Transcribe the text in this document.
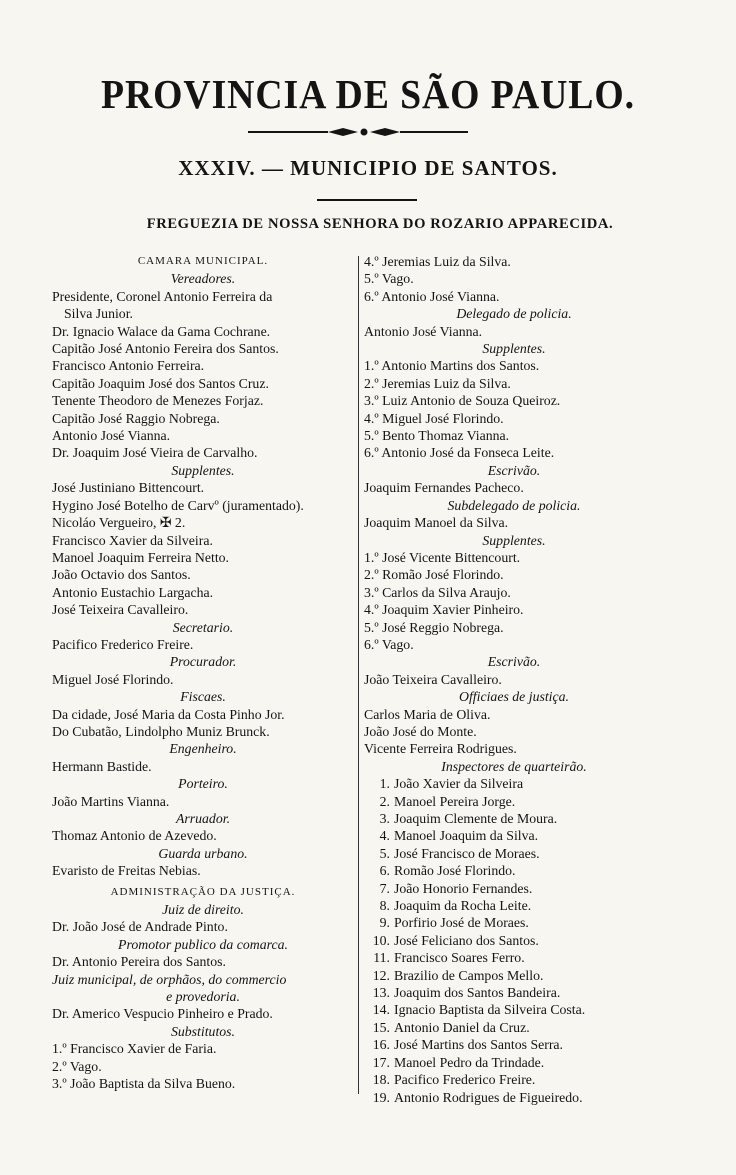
PROVINCIA DE SÃO PAULO.
XXXIV. — MUNICIPIO DE SANTOS.
FREGUEZIA DE NOSSA SENHORA DO ROZARIO APPARECIDA.
CAMARA MUNICIPAL.
Vereadores.
Presidente, Coronel Antonio Ferreira da
Silva Junior.
Dr. Ignacio Walace da Gama Cochrane.
Capitão José Antonio Fereira dos Santos.
Francisco Antonio Ferreira.
Capitão Joaquim José dos Santos Cruz.
Tenente Theodoro de Menezes Forjaz.
Capitão José Raggio Nobrega.
Antonio José Vianna.
Dr. Joaquim José Vieira de Carvalho.
Supplentes.
José Justiniano Bittencourt.
Hygino José Botelho de Carvº (juramentado).
Nicoláo Vergueiro, ✠ 2.
Francisco Xavier da Silveira.
Manoel Joaquim Ferreira Netto.
João Octavio dos Santos.
Antonio Eustachio Largacha.
José Teixeira Cavalleiro.
Secretario.
Pacifico Frederico Freire.
Procurador.
Miguel José Florindo.
Fiscaes.
Da cidade, José Maria da Costa Pinho Jor.
Do Cubatão, Lindolpho Muniz Brunck.
Engenheiro.
Hermann Bastide.
Porteiro.
João Martins Vianna.
Arruador.
Thomaz Antonio de Azevedo.
Guarda urbano.
Evaristo de Freitas Nebias.
ADMINISTRAÇÃO DA JUSTIÇA.
Juiz de direito.
Dr. João José de Andrade Pinto.
Promotor publico da comarca.
Dr. Antonio Pereira dos Santos.
Juiz municipal, de orphãos, do commercio
e provedoria.
Dr. Americo Vespucio Pinheiro e Prado.
Substitutos.
1.º Francisco Xavier de Faria.
2.º Vago.
3.º João Baptista da Silva Bueno.
4.º Jeremias Luiz da Silva.
5.º Vago.
6.º Antonio José Vianna.
Delegado de policia.
Antonio José Vianna.
Supplentes.
1.º Antonio Martins dos Santos.
2.º Jeremias Luiz da Silva.
3.º Luiz Antonio de Souza Queiroz.
4.º Miguel José Florindo.
5.º Bento Thomaz Vianna.
6.º Antonio José da Fonseca Leite.
Escrivão.
Joaquim Fernandes Pacheco.
Subdelegado de policia.
Joaquim Manoel da Silva.
Supplentes.
1.º José Vicente Bittencourt.
2.º Romão José Florindo.
3.º Carlos da Silva Araujo.
4.º Joaquim Xavier Pinheiro.
5.º José Reggio Nobrega.
6.º Vago.
Escrivão.
João Teixeira Cavalleiro.
Officiaes de justiça.
Carlos Maria de Oliva.
João José do Monte.
Vicente Ferreira Rodrigues.
Inspectores de quarteirão.
1. João Xavier da Silveira
2. Manoel Pereira Jorge.
3. Joaquim Clemente de Moura.
4. Manoel Joaquim da Silva.
5. José Francisco de Moraes.
6. Romão José Florindo.
7. João Honorio Fernandes.
8. Joaquim da Rocha Leite.
9. Porfirio José de Moraes.
10. José Feliciano dos Santos.
11. Francisco Soares Ferro.
12. Brazilio de Campos Mello.
13. Joaquim dos Santos Bandeira.
14. Ignacio Baptista da Silveira Costa.
15. Antonio Daniel da Cruz.
16. José Martins dos Santos Serra.
17. Manoel Pedro da Trindade.
18. Pacifico Frederico Freire.
19. Antonio Rodrigues de Figueiredo.
